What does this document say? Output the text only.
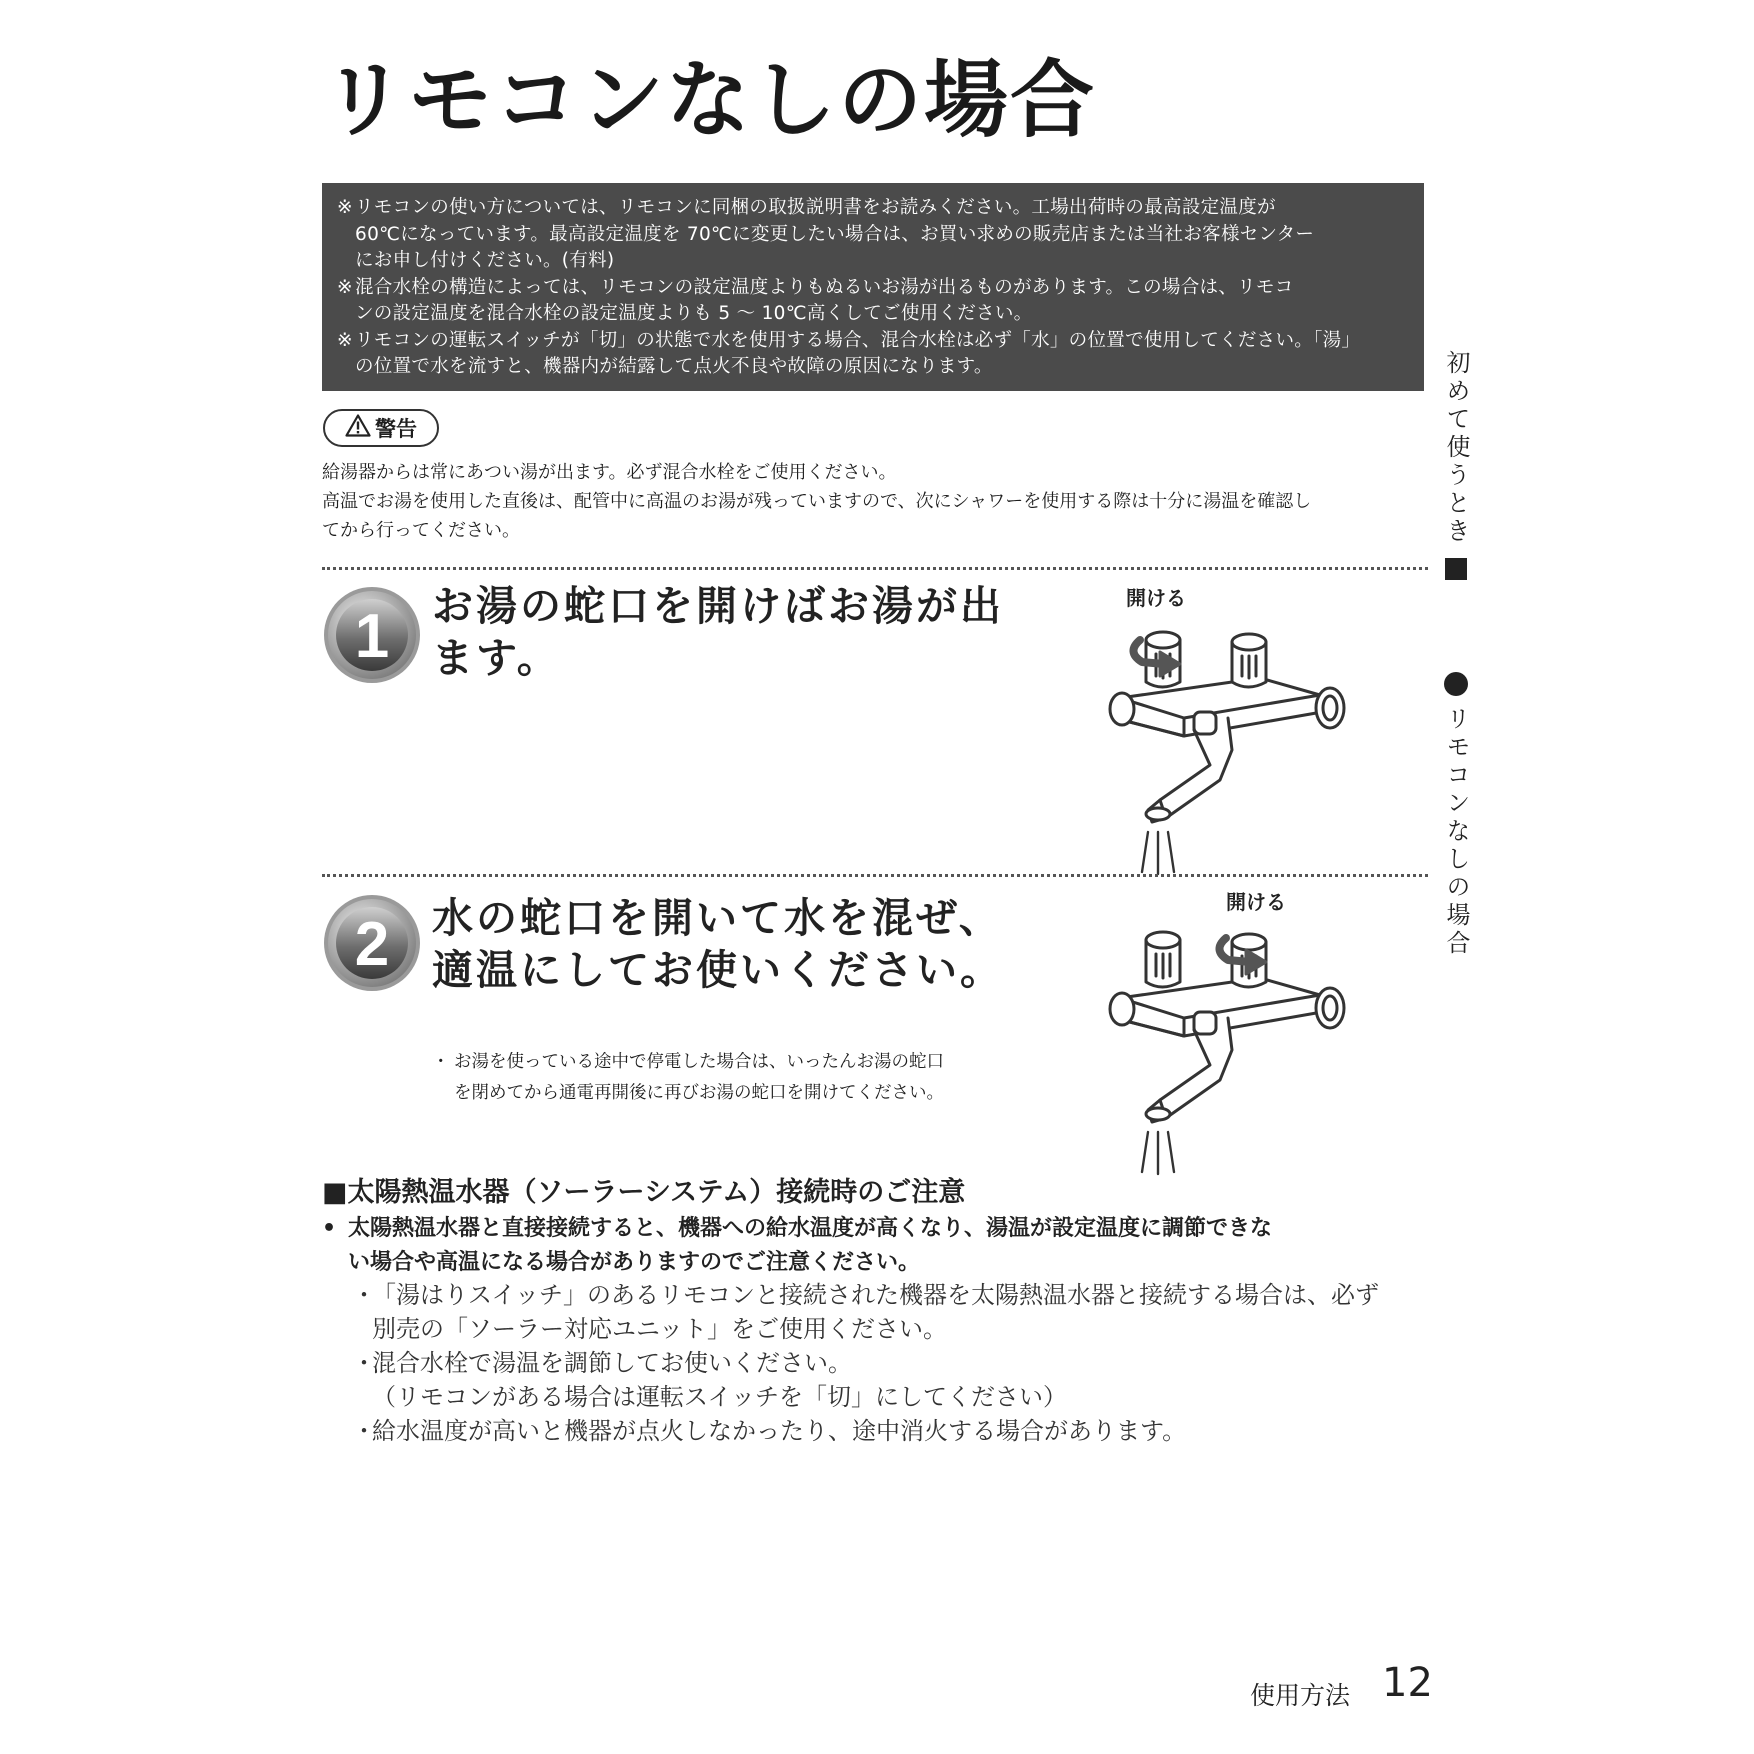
リモコンなしの場合
※ リモコンの使い方については、リモコンに同梱の取扱説明書をお読みください。工場出荷時の最高設定温度が
60℃になっています。最高設定温度を 70℃に変更したい場合は、お買い求めの販売店または当社お客様センター
にお申し付けください。(有料)
※ 混合水栓の構造によっては、リモコンの設定温度よりもぬるいお湯が出るものがあります。この場合は、リモコ
ンの設定温度を混合水栓の設定温度よりも 5 ～ 10℃高くしてご使用ください。
※ リモコンの運転スイッチが「切」の状態で水を使用する場合、混合水栓は必ず「水」の位置で使用してください。「湯」
の位置で水を流すと、機器内が結露して点火不良や故障の原因になります。
警告
給湯器からは常にあつい湯が出ます。必ず混合水栓をご使用ください。
高温でお湯を使用した直後は、配管中に高温のお湯が残っていますので、次にシャワーを使用する際は十分に湯温を確認し
てから行ってください。
1 お湯の蛇口を開けばお湯が出
ます。
開ける
2 水の蛇口を開いて水を混ぜ、
適温にしてお使いください。
開ける
・ お湯を使っている途中で停電した場合は、いったんお湯の蛇口
を閉めてから通電再開後に再びお湯の蛇口を開けてください。
■太陽熱温水器（ソーラーシステム）接続時のご注意
• 太陽熱温水器と直接接続すると、機器への給水温度が高くなり、湯温が設定温度に調節できな
い場合や高温になる場合がありますのでご注意ください。
・
「湯はりスイッチ」のあるリモコンと接続された機器を太陽熱温水器と接続する場合は、必ず
別売の「ソーラー対応ユニット」をご使用ください。
・
混合水栓で湯温を調節してお使いください。
（リモコンがある場合は運転スイッチを「切」にしてください）
・
給水温度が高いと機器が点火しなかったり、途中消火する場合があります。
初めて使うとき
リモコンなしの場合
使用方法 12
